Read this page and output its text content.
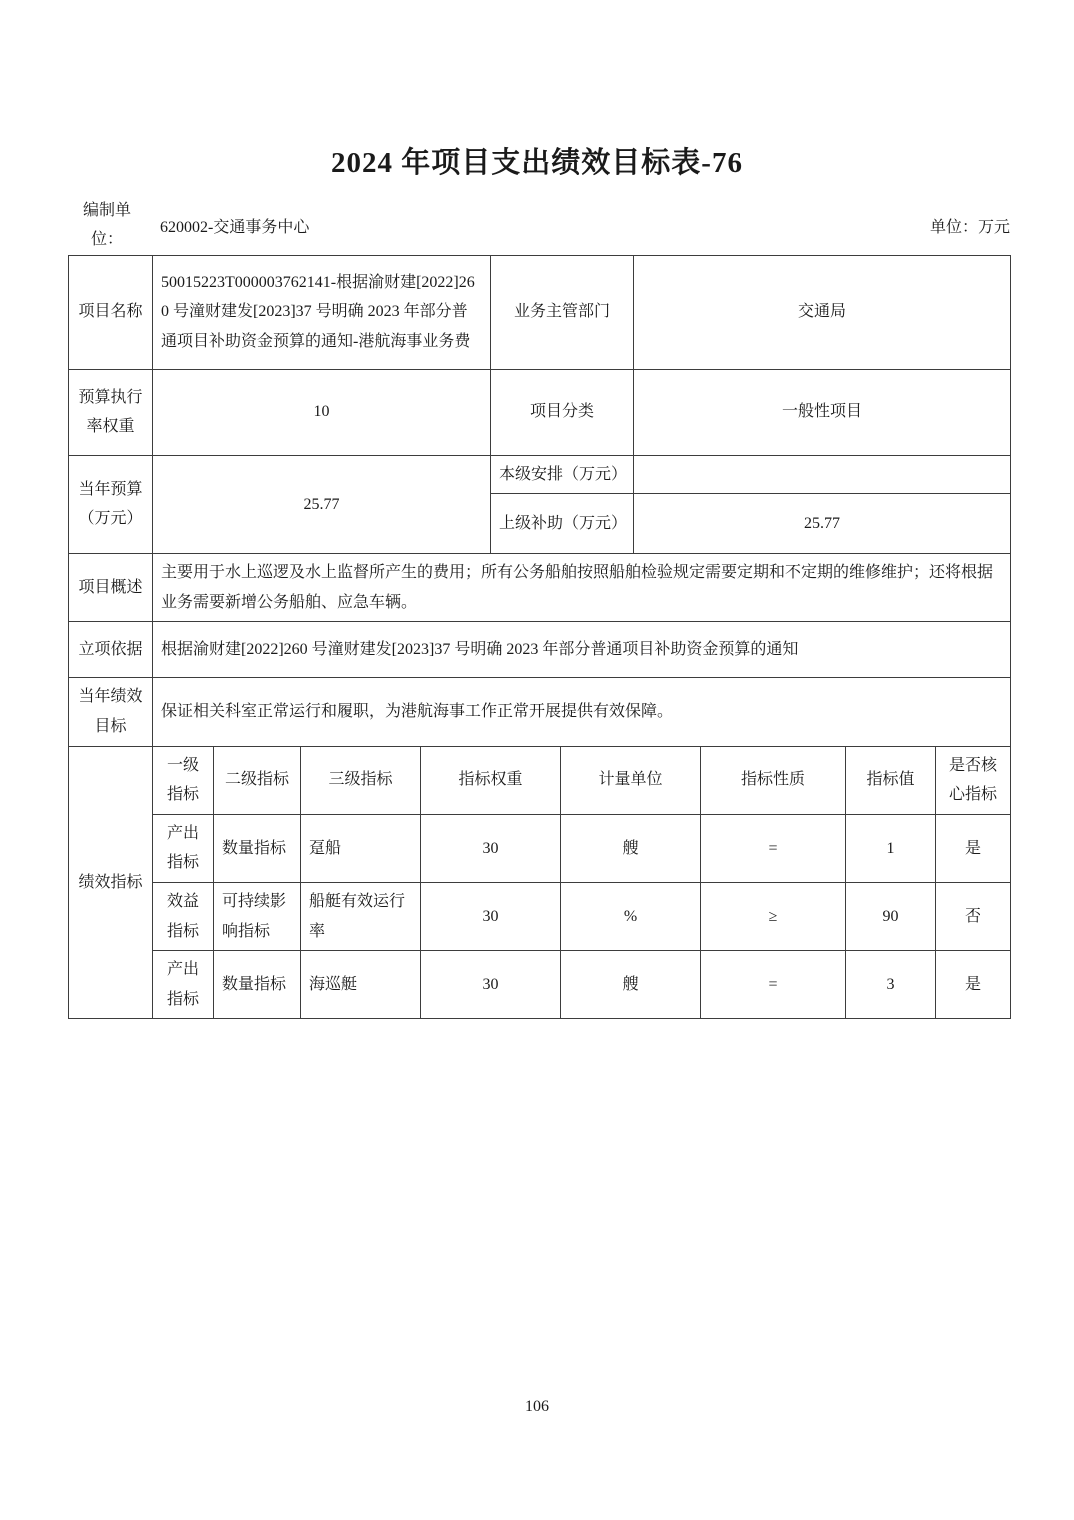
2024 年项目支出绩效目标表-76
编制单位：
620002-交通事务中心	单位：万元
项目名称	50015223T000003762141-根据渝财建[2022]260 号潼财建发[2023]37 号明确 2023 年部分普通项目补助资金预算的通知-港航海事业务费				业务主管部门		交通局			
预算执行率权重	10				项目分类		一般性项目			
当年预算（万元）	25.77				本级安排（万元）					
					上级补助（万元）		25.77			
项目概述	主要用于水上巡逻及水上监督所产生的费用；所有公务船舶按照船舶检验规定需要定期和不定期的维修维护；还将根据业务需要新增公务船舶、应急车辆。									
立项依据	根据渝财建[2022]260 号潼财建发[2023]37 号明确 2023 年部分普通项目补助资金预算的通知									
当年绩效目标	保证相关科室正常运行和履职，为港航海事工作正常开展提供有效保障。									
绩效指标	一级指标	二级指标	三级指标	指标权重		计量单位		指标性质	指标值	是否核心指标
	产出指标	数量指标	趸船	30		艘		=	1	是
	效益指标	可持续影响指标	船艇有效运行率	30		%		≥	90	否
	产出指标	数量指标	海巡艇	30		艘		=	3	是
106
